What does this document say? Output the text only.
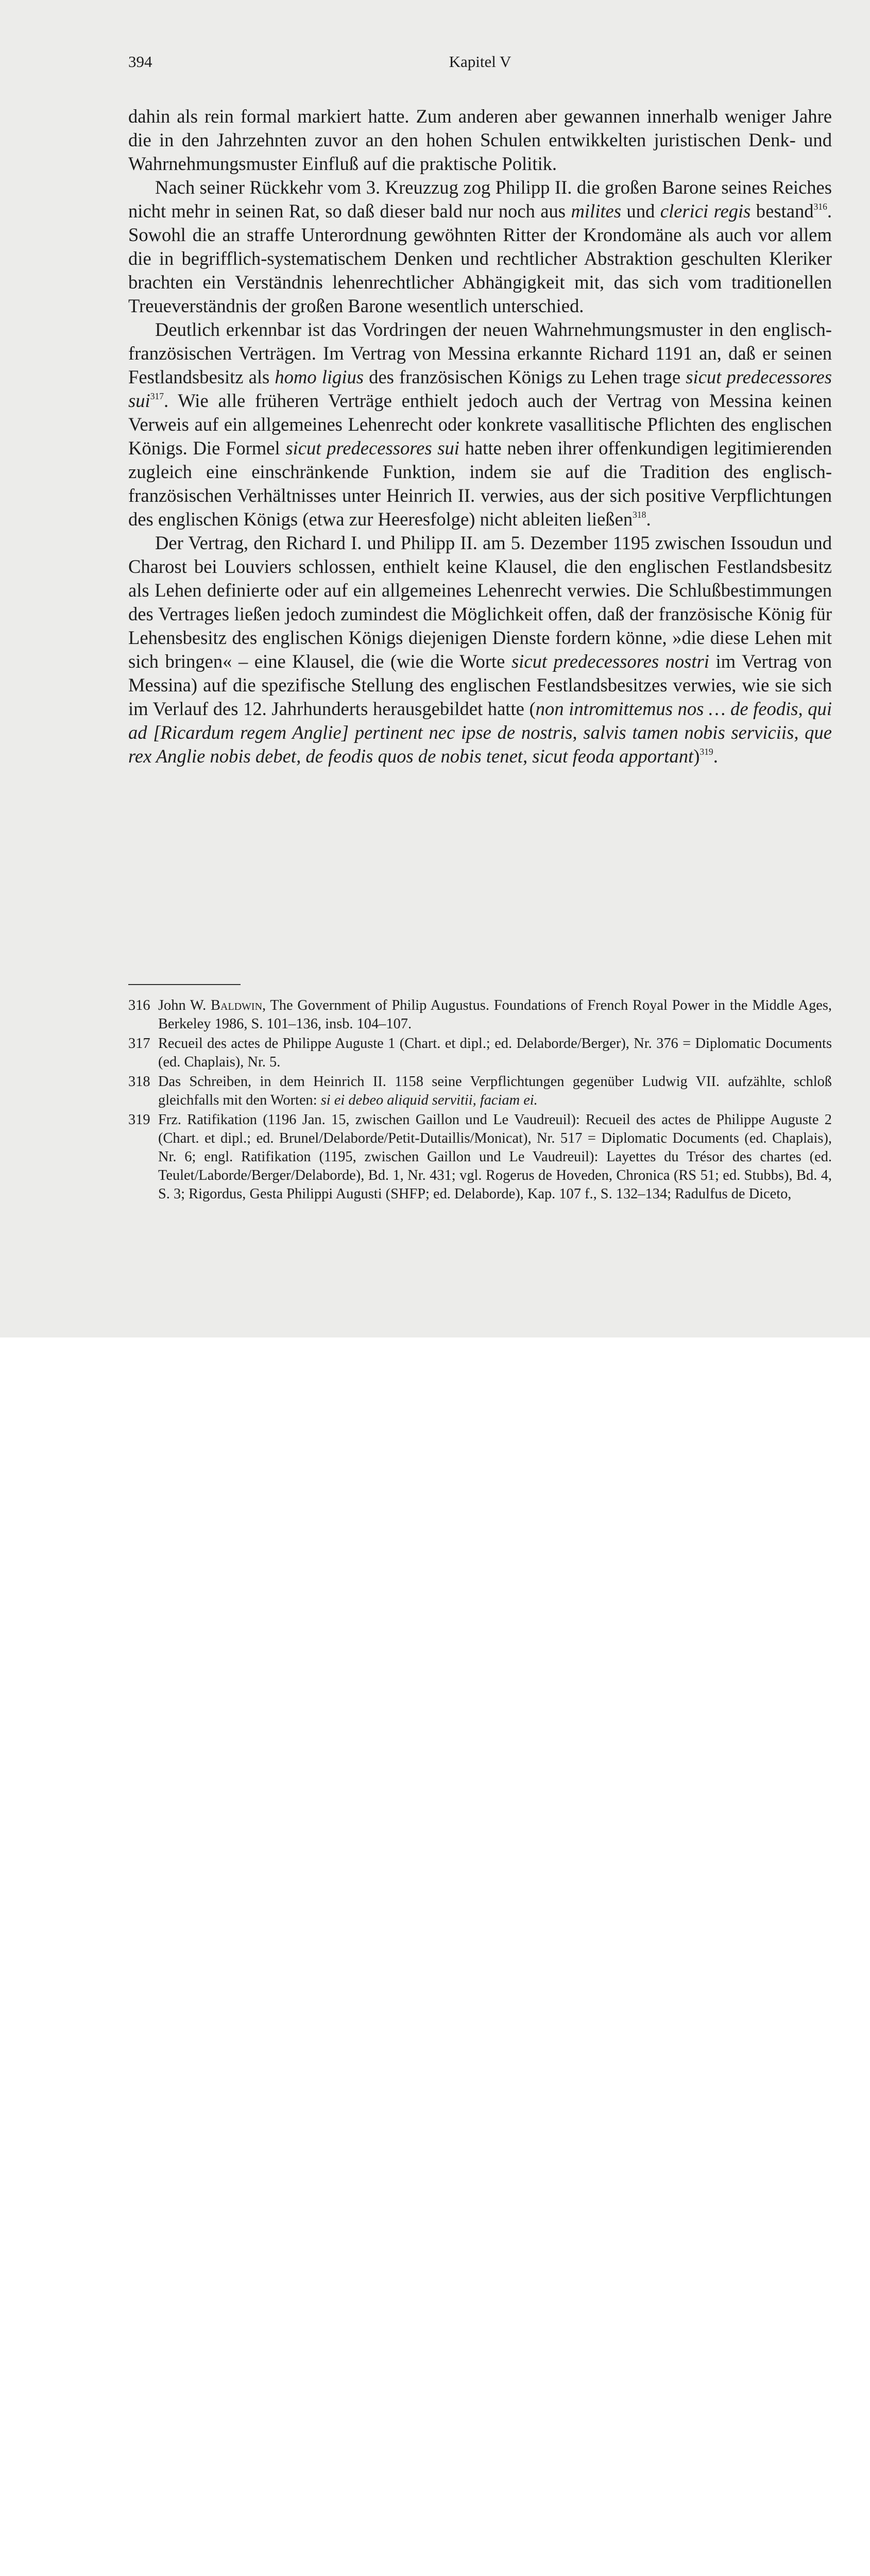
394	Kapitel V

dahin als rein formal markiert hatte. Zum anderen aber gewannen innerhalb weniger Jahre die in den Jahrzehnten zuvor an den hohen Schulen entwikkelten juristischen Denk- und Wahrnehmungsmuster Einfluß auf die praktische Politik.

Nach seiner Rückkehr vom 3. Kreuzzug zog Philipp II. die großen Barone seines Reiches nicht mehr in seinen Rat, so daß dieser bald nur noch aus milites und clerici regis bestand$^{316}$. Sowohl die an straffe Unterordnung gewöhnten Ritter der Krondomäne als auch vor allem die in begrifflich-systematischem Denken und rechtlicher Abstraktion geschulten Kleriker brachten ein Verständnis lehenrechtlicher Abhängigkeit mit, das sich vom traditionellen Treueverständnis der großen Barone wesentlich unterschied.

Deutlich erkennbar ist das Vordringen der neuen Wahrnehmungsmuster in den englisch-französischen Verträgen. Im Vertrag von Messina erkannte Richard 1191 an, daß er seinen Festlandsbesitz als homo ligius des französischen Königs zu Lehen trage sicut predecessores sui$^{317}$. Wie alle früheren Verträge enthielt jedoch auch der Vertrag von Messina keinen Verweis auf ein allgemeines Lehenrecht oder konkrete vasallitische Pflichten des englischen Königs. Die Formel sicut predecessores sui hatte neben ihrer offenkundigen legitimierenden zugleich eine einschränkende Funktion, indem sie auf die Tradition des englisch-französischen Verhältnisses unter Heinrich II. verwies, aus der sich positive Verpflichtungen des englischen Königs (etwa zur Heeresfolge) nicht ableiten ließen$^{318}$.

Der Vertrag, den Richard I. und Philipp II. am 5. Dezember 1195 zwischen Issoudun und Charost bei Louviers schlossen, enthielt keine Klausel, die den englischen Festlandsbesitz als Lehen definierte oder auf ein allgemeines Lehenrecht verwies. Die Schlußbestimmungen des Vertrages ließen jedoch zumindest die Möglichkeit offen, daß der französische König für Lehensbesitz des englischen Königs diejenigen Dienste fordern könne, »die diese Lehen mit sich bringen« – eine Klausel, die (wie die Worte sicut predecessores nostri im Vertrag von Messina) auf die spezifische Stellung des englischen Festlandsbesitzes verwies, wie sie sich im Verlauf des 12. Jahrhunderts herausgebildet hatte (non intromittemus nos … de feodis, qui ad [Ricardum regem Anglie] pertinent nec ipse de nostris, salvis tamen nobis serviciis, que rex Anglie nobis debet, de feodis quos de nobis tenet, sicut feoda apportant)$^{319}$.

316 John W. Baldwin, The Government of Philip Augustus. Foundations of French Royal Power in the Middle Ages, Berkeley 1986, S. 101–136, insb. 104–107.
317 Recueil des actes de Philippe Auguste 1 (Chart. et dipl.; ed. Delaborde/Berger), Nr. 376 = Diplomatic Documents (ed. Chaplais), Nr. 5.
318 Das Schreiben, in dem Heinrich II. 1158 seine Verpflichtungen gegenüber Ludwig VII. aufzählte, schloß gleichfalls mit den Worten: si ei debeo aliquid servitii, faciam ei.
319 Frz. Ratifikation (1196 Jan. 15, zwischen Gaillon und Le Vaudreuil): Recueil des actes de Philippe Auguste 2 (Chart. et dipl.; ed. Brunel/Delaborde/Petit-Dutaillis/Monicat), Nr. 517 = Diplomatic Documents (ed. Chaplais), Nr. 6; engl. Ratifikation (1195, zwischen Gaillon und Le Vaudreuil): Layettes du Trésor des chartes (ed. Teulet/Laborde/Berger/Delaborde), Bd. 1, Nr. 431; vgl. Rogerus de Hoveden, Chronica (RS 51; ed. Stubbs), Bd. 4, S. 3; Rigordus, Gesta Philippi Augusti (SHFP; ed. Delaborde), Kap. 107 f., S. 132–134; Radulfus de Diceto,
